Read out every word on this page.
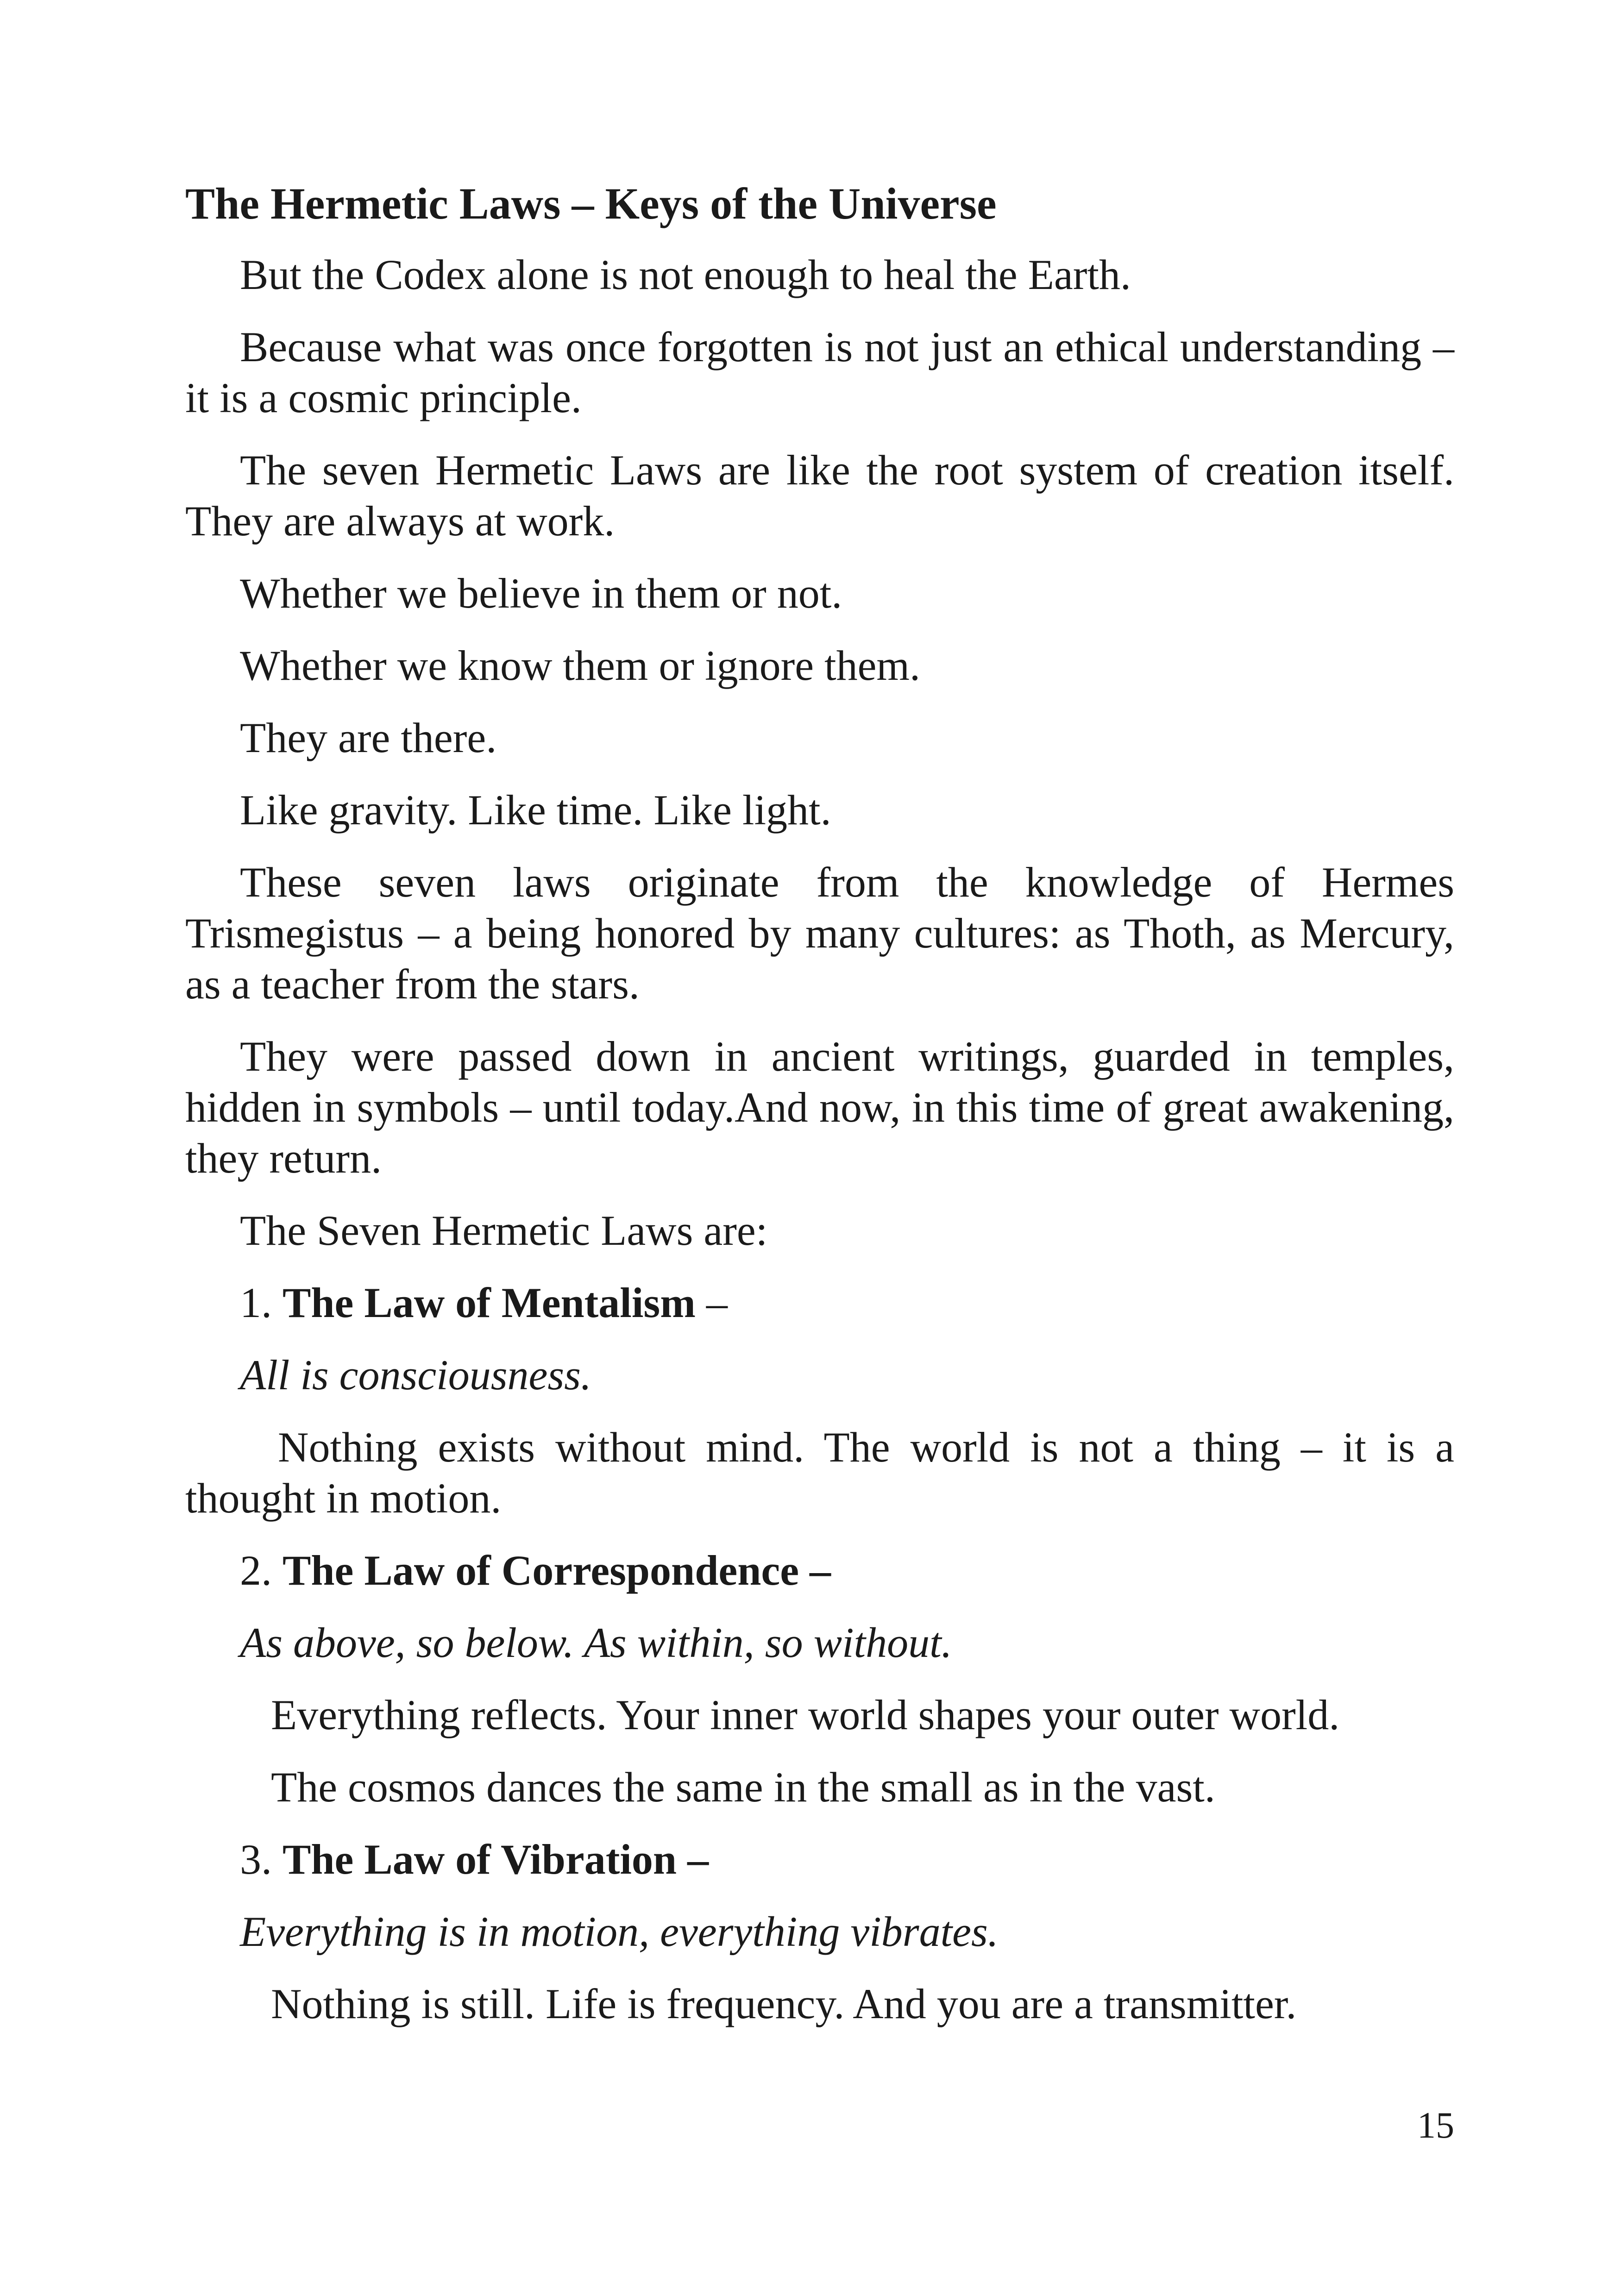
The Hermetic Laws – Keys of the Universe

But the Codex alone is not enough to heal the Earth.

Because what was once forgotten is not just an ethical understanding – it is a cosmic principle.

The seven Hermetic Laws are like the root system of creation itself. They are always at work.

Whether we believe in them or not.

Whether we know them or ignore them.

They are there.

Like gravity. Like time. Like light.

These seven laws originate from the knowledge of Hermes Trismegistus – a being honored by many cultures: as Thoth, as Mercury, as a teacher from the stars.

They were passed down in ancient writings, guarded in temples, hidden in symbols – until today.And now, in this time of great awakening, they return.

The Seven Hermetic Laws are:

1. The Law of Mentalism –

All is consciousness.

Nothing exists without mind. The world is not a thing – it is a thought in motion.

2. The Law of Correspondence –

As above, so below. As within, so without.

Everything reflects. Your inner world shapes your outer world.

The cosmos dances the same in the small as in the vast.

3. The Law of Vibration –

Everything is in motion, everything vibrates.

Nothing is still. Life is frequency. And you are a transmitter.

15
